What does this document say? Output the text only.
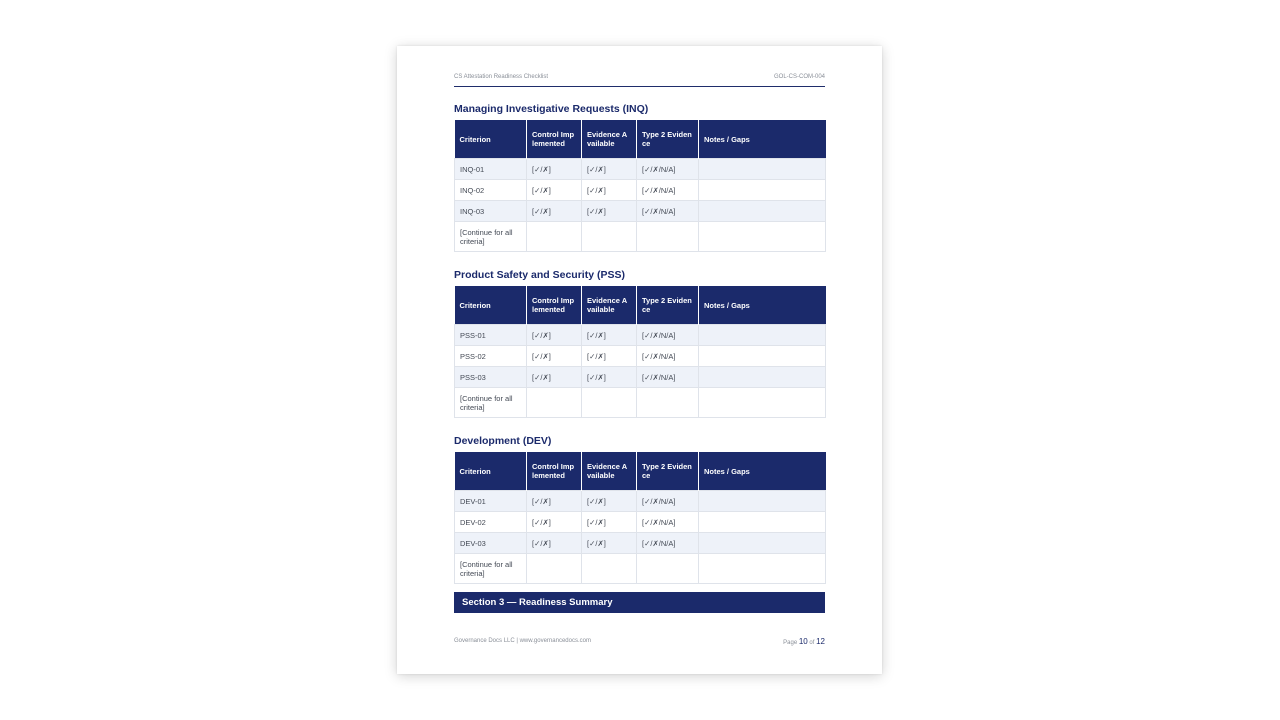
CS Attestation Readiness Checklist	GOL-CS-COM-004
Managing Investigative Requests (INQ)
Criterion	Control Implemented	Evidence Available	Type 2 Evidence	Notes / Gaps
INQ-01	[✓/✗]	[✓/✗]	[✓/✗/N/A]	
INQ-02	[✓/✗]	[✓/✗]	[✓/✗/N/A]	
INQ-03	[✓/✗]	[✓/✗]	[✓/✗/N/A]	
[Continue for all criteria]				
Product Safety and Security (PSS)
Criterion	Control Implemented	Evidence Available	Type 2 Evidence	Notes / Gaps
PSS-01	[✓/✗]	[✓/✗]	[✓/✗/N/A]	
PSS-02	[✓/✗]	[✓/✗]	[✓/✗/N/A]	
PSS-03	[✓/✗]	[✓/✗]	[✓/✗/N/A]	
[Continue for all criteria]				
Development (DEV)
Criterion	Control Implemented	Evidence Available	Type 2 Evidence	Notes / Gaps
DEV-01	[✓/✗]	[✓/✗]	[✓/✗/N/A]	
DEV-02	[✓/✗]	[✓/✗]	[✓/✗/N/A]	
DEV-03	[✓/✗]	[✓/✗]	[✓/✗/N/A]	
[Continue for all criteria]				
Section 3 — Readiness Summary
Governance Docs LLC | www.governancedocs.com	Page 10 of 12
